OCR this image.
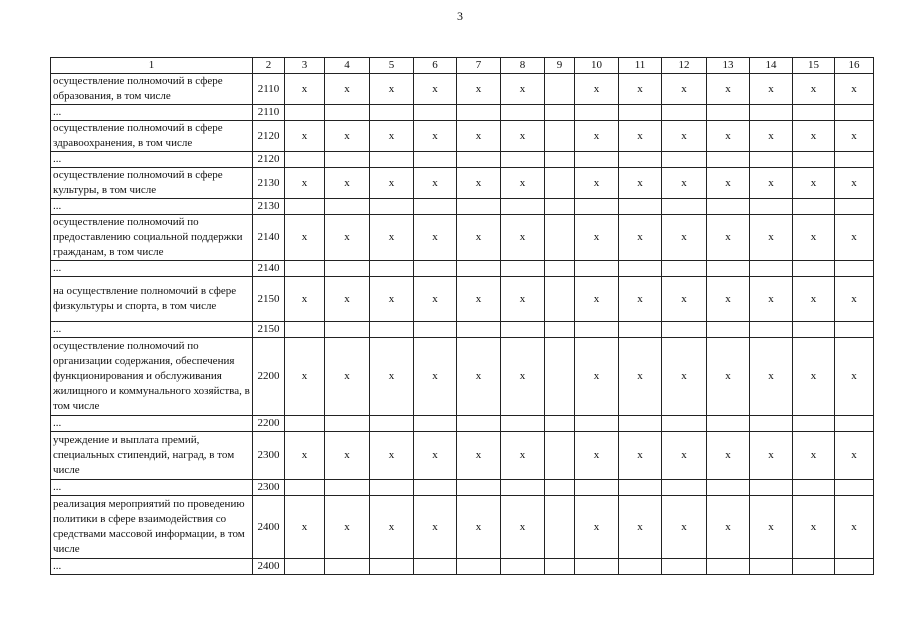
3
1	2	3	4	5	6	7	8	9	10	11	12	13	14	15	16
осуществление полномочий в сфере образования, в том числе	2110	x	x	x	x	x	x		x	x	x	x	x	x	x
...	2110														
осуществление полномочий в сфере здравоохранения, в том числе	2120	x	x	x	x	x	x		x	x	x	x	x	x	x
...	2120														
осуществление полномочий в сфере культуры, в том числе	2130	x	x	x	x	x	x		x	x	x	x	x	x	x
...	2130														
осуществление полномочий по предоставлению социальной поддержки гражданам, в том числе	2140	x	x	x	x	x	x		x	x	x	x	x	x	x
...	2140														
на осуществление полномочий в сфере физкультуры и спорта, в том числе	2150	x	x	x	x	x	x		x	x	x	x	x	x	x
...	2150														
осуществление полномочий по организации содержания, обеспечения функционирования и обслуживания жилищного и коммунального хозяйства, в том числе	2200	x	x	x	x	x	x		x	x	x	x	x	x	x
...	2200														
учреждение и выплата премий, специальных стипендий, наград, в том числе	2300	x	x	x	x	x	x		x	x	x	x	x	x	x
...	2300														
реализация мероприятий по проведению политики в сфере взаимодействия со средствами массовой информации, в том числе	2400	x	x	x	x	x	x		x	x	x	x	x	x	x
...	2400														
